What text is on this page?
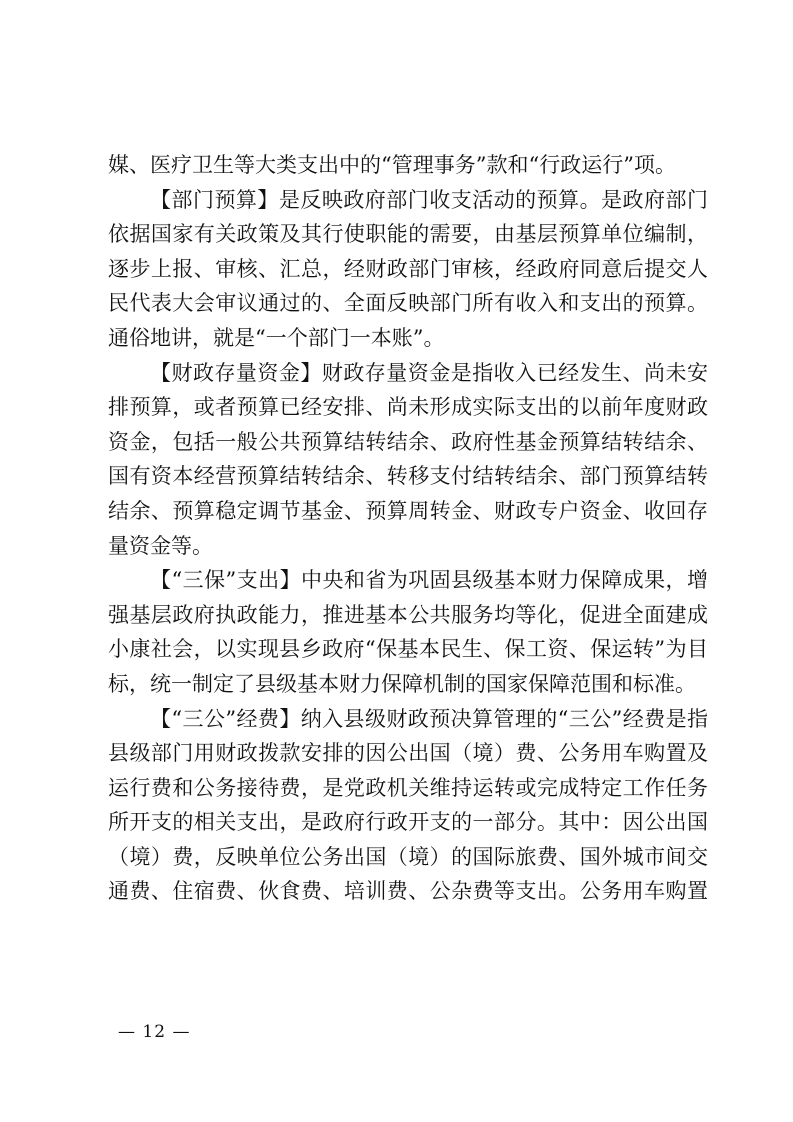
媒、医疗卫生等大类支出中的“管理事务”款和“行政运行”项。
【部门预算】是反映政府部门收支活动的预算。是政府部门
依据国家有关政策及其行使职能的需要，由基层预算单位编制，
逐步上报、审核、汇总，经财政部门审核，经政府同意后提交人
民代表大会审议通过的、全面反映部门所有收入和支出的预算。
通俗地讲，就是“一个部门一本账”。
【财政存量资金】财政存量资金是指收入已经发生、尚未安
排预算，或者预算已经安排、尚未形成实际支出的以前年度财政
资金，包括一般公共预算结转结余、政府性基金预算结转结余、
国有资本经营预算结转结余、转移支付结转结余、部门预算结转
结余、预算稳定调节基金、预算周转金、财政专户资金、收回存
量资金等。
【“三保”支出】中央和省为巩固县级基本财力保障成果，增
强基层政府执政能力，推进基本公共服务均等化，促进全面建成
小康社会，以实现县乡政府“保基本民生、保工资、保运转”为目
标，统一制定了县级基本财力保障机制的国家保障范围和标准。
【“三公”经费】纳入县级财政预决算管理的“三公”经费是指
县级部门用财政拨款安排的因公出国（境）费、公务用车购置及
运行费和公务接待费，是党政机关维持运转或完成特定工作任务
所开支的相关支出，是政府行政开支的一部分。其中：因公出国
（境）费，反映单位公务出国（境）的国际旅费、国外城市间交
通费、住宿费、伙食费、培训费、公杂费等支出。公务用车购置
— 12 —
